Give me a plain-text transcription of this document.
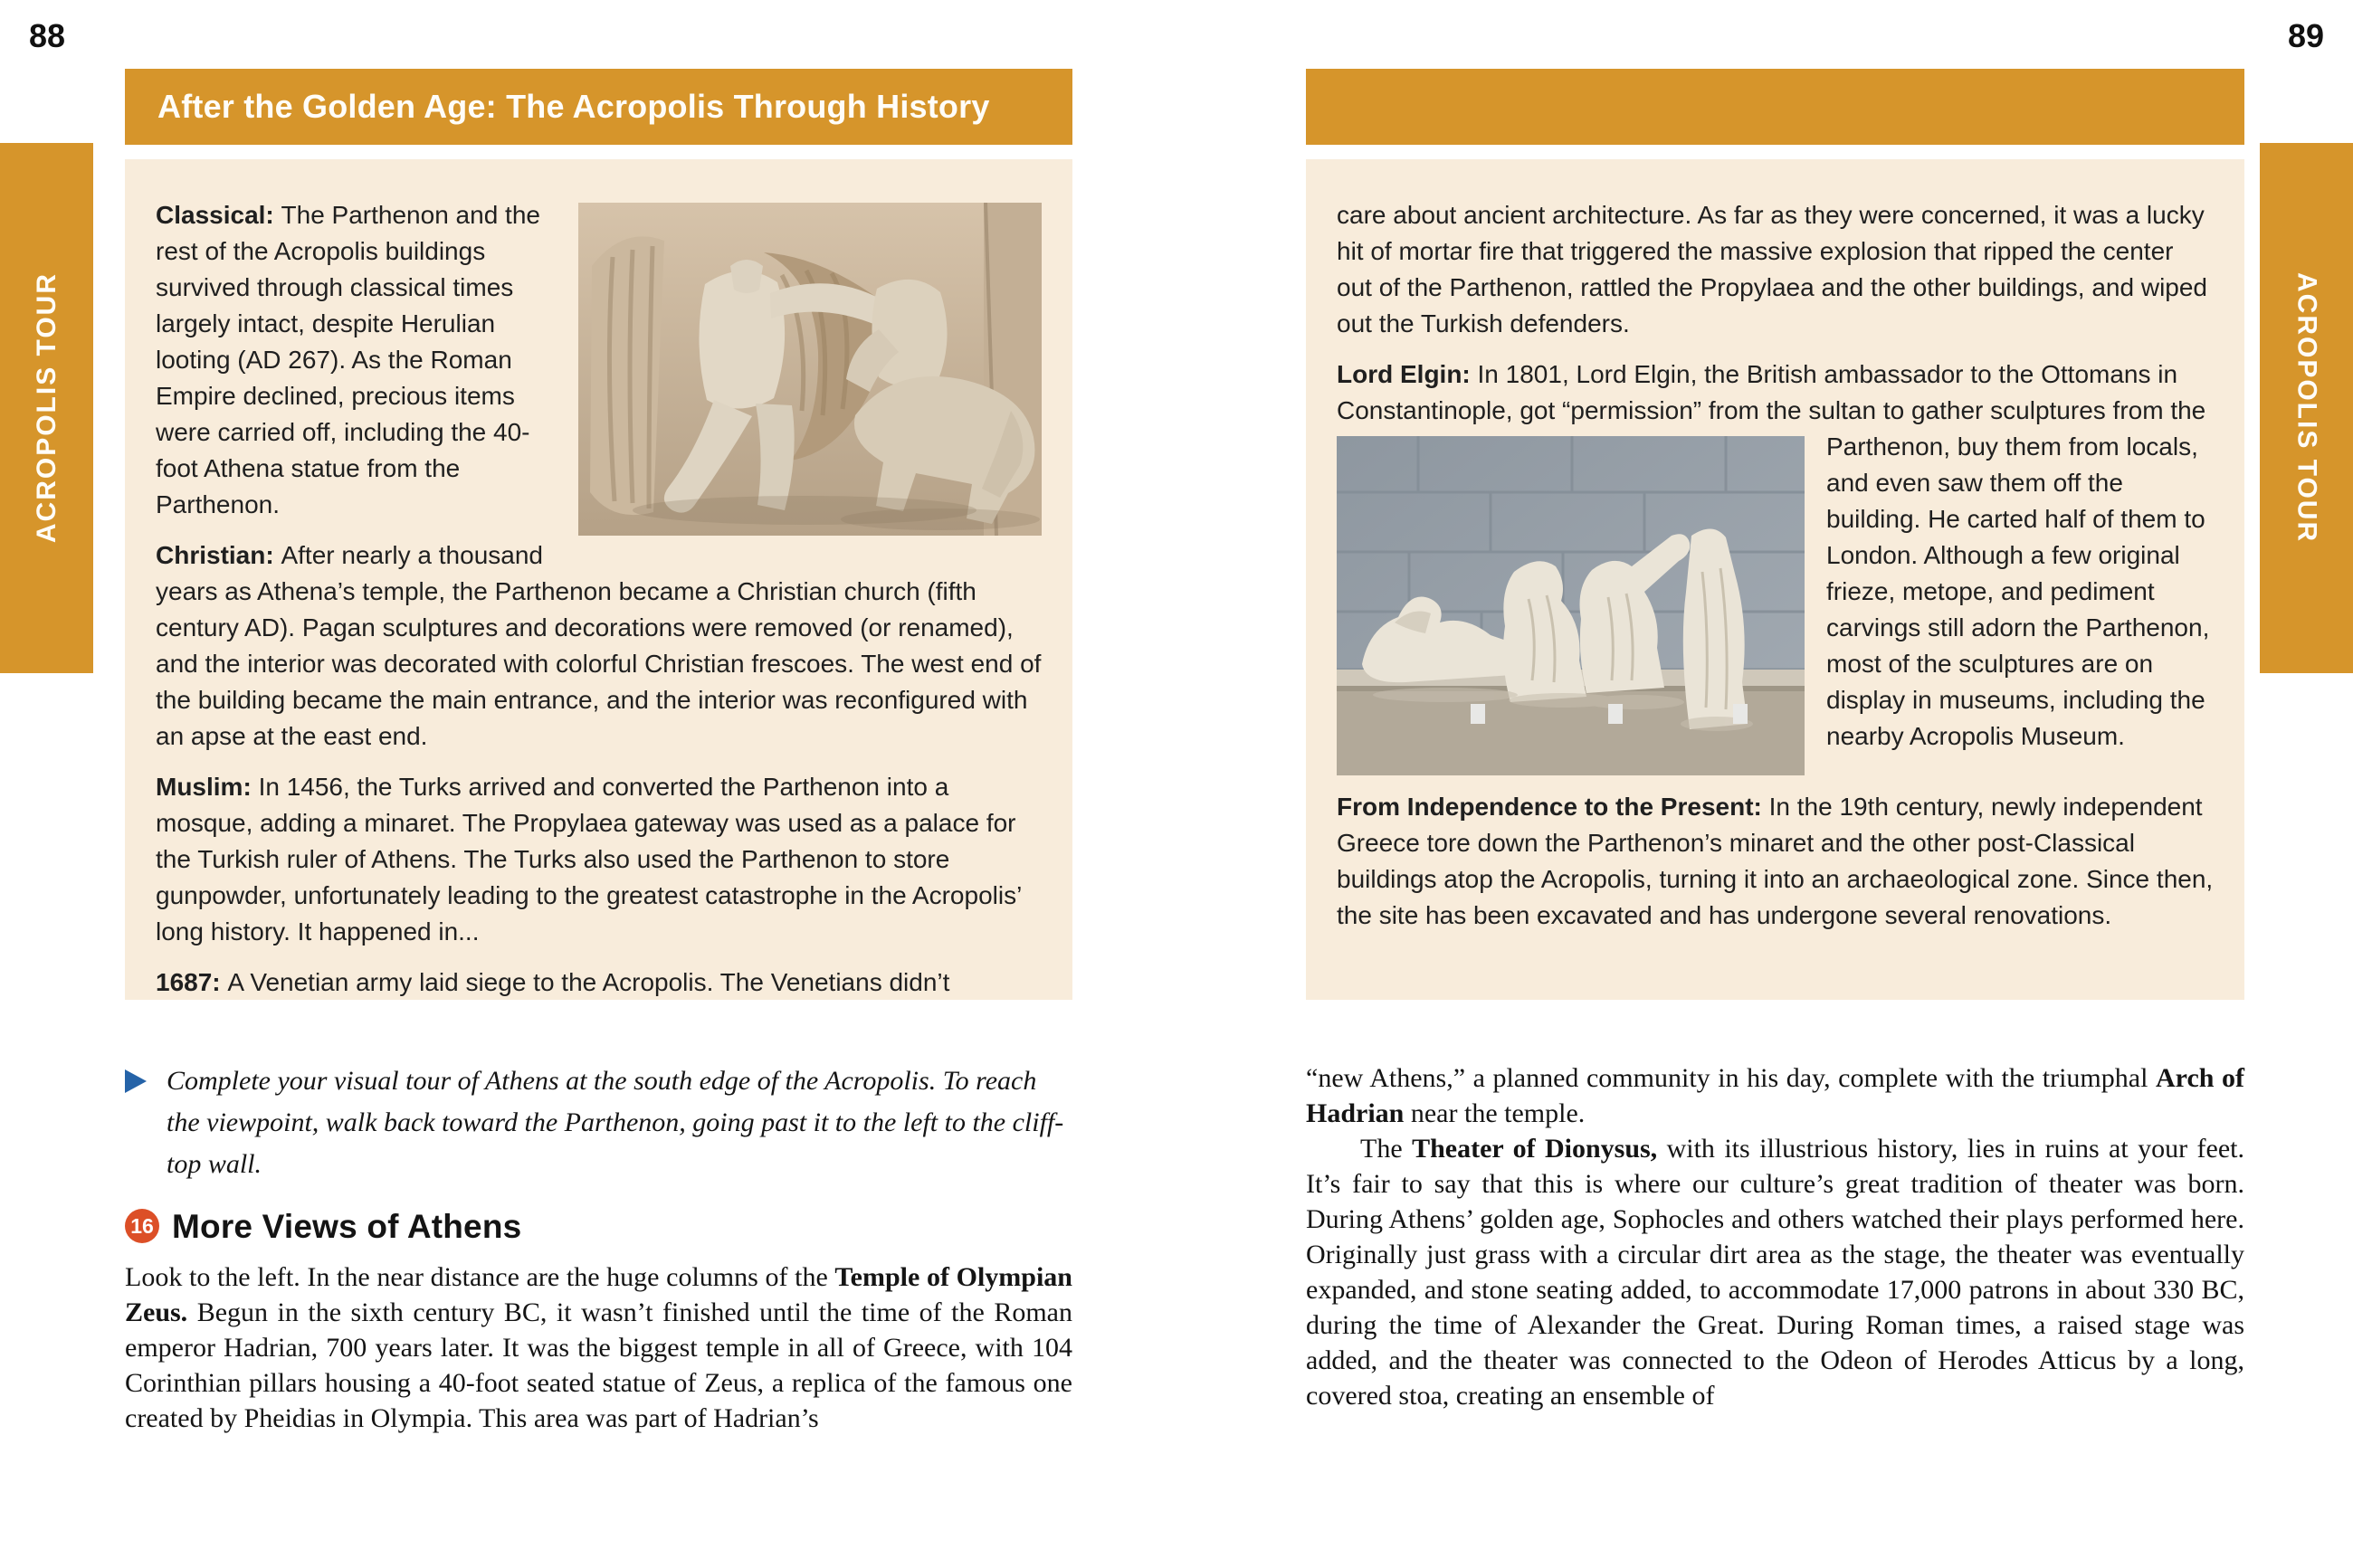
88	89
ACROPOLIS TOUR	ACROPOLIS TOUR
After the Golden Age: The Acropolis Through History

Classical: The Parthenon and the rest of the Acropolis buildings survived through classical times largely intact, despite Herulian looting (AD 267). As the Roman Empire declined, precious items were carried off, including the 40-foot Athena statue from the Parthenon.

Christian: After nearly a thousand years as Athena’s temple, the Parthenon became a Christian church (fifth century AD). Pagan sculptures and decorations were removed (or renamed), and the interior was decorated with colorful Christian frescoes. The west end of the building became the main entrance, and the interior was reconfigured with an apse at the east end.

Muslim: In 1456, the Turks arrived and converted the Parthenon into a mosque, adding a minaret. The Propylaea gateway was used as a palace for the Turkish ruler of Athens. The Turks also used the Parthenon to store gunpowder, unfortunately leading to the greatest catastrophe in the Acropolis’ long history. It happened in...

1687: A Venetian army laid siege to the Acropolis. The Venetians didn’t

care about ancient architecture. As far as they were concerned, it was a lucky hit of mortar fire that triggered the massive explosion that ripped the center out of the Parthenon, rattled the Propylaea and the other buildings, and wiped out the Turkish defenders.

Lord Elgin: In 1801, Lord Elgin, the British ambassador to the Ottomans in Constantinople, got “permission” from the sultan to gather
sculptures from the Parthenon, buy them from locals, and even saw them off the building. He carted half of them to London. Although a few original frieze, metope, and pediment carvings still adorn the Parthenon, most of the sculptures are on display in museums, including the nearby Acropolis Museum.

From Independence to the Present: In the 19th century, newly independent Greece tore down the Parthenon’s minaret and the other post-Classical buildings atop the Acropolis, turning it into an archaeological zone. Since then, the site has been excavated and has undergone several renovations.

Complete your visual tour of Athens at the south edge of the Acropolis. To reach the viewpoint, walk back toward the Parthenon, going past it to the left to the cliff-top wall.
16 More Views of Athens

Look to the left. In the near distance are the huge columns of the Temple of Olympian Zeus. Begun in the sixth century BC, it wasn’t finished until the time of the Roman emperor Hadrian, 700 years later. It was the biggest temple in all of Greece, with 104 Corinthian pillars housing a 40-foot seated statue of Zeus, a replica of the famous one created by Pheidias in Olympia. This area was part of Hadrian’s

“new Athens,” a planned community in his day, complete with the triumphal Arch of Hadrian near the temple.

The Theater of Dionysus, with its illustrious history, lies in ruins at your feet. It’s fair to say that this is where our culture’s great tradition of theater was born. During Athens’ golden age, Sophocles and others watched their plays performed here. Originally just grass with a circular dirt area as the stage, the theater was eventually expanded, and stone seating added, to accommodate 17,000 patrons in about 330 BC, during the time of Alexander the Great. During Roman times, a raised stage was added, and the theater was connected to the Odeon of Herodes Atticus by a long, covered stoa, creating an ensemble of
